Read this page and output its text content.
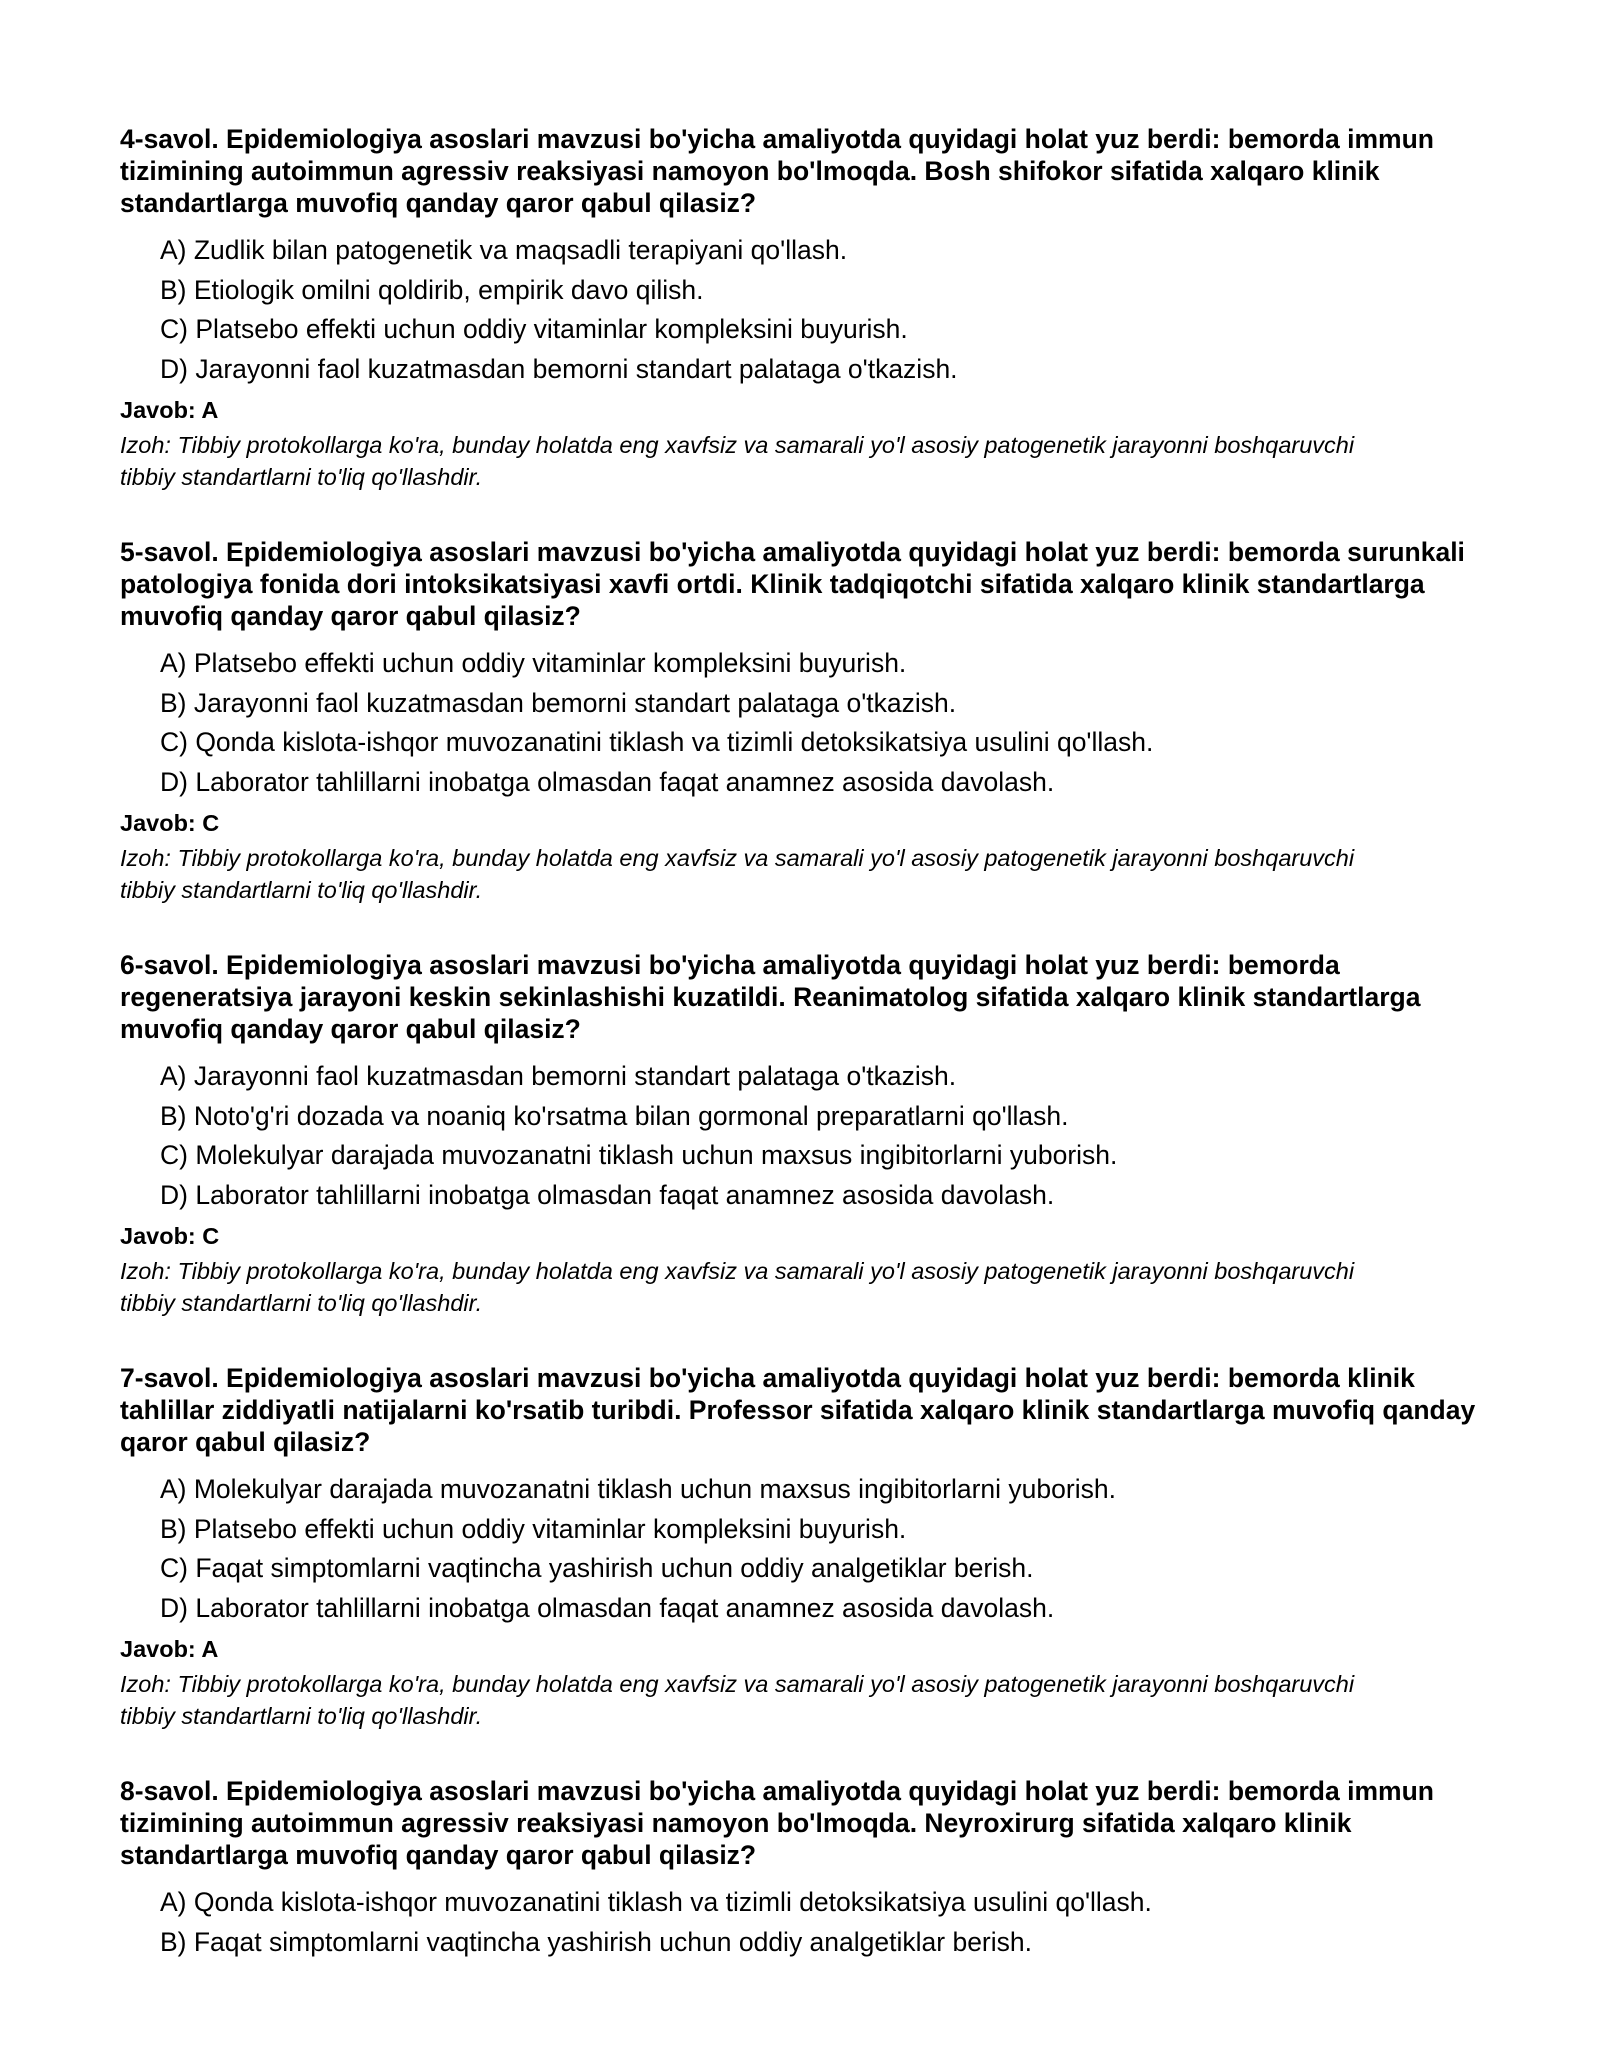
4-savol. Epidemiologiya asoslari mavzusi bo'yicha amaliyotda quyidagi holat yuz berdi: bemorda immun tizimining autoimmun agressiv reaksiyasi namoyon bo'lmoqda. Bosh shifokor sifatida xalqaro klinik standartlarga muvofiq qanday qaror qabul qilasiz?

A) Zudlik bilan patogenetik va maqsadli terapiyani qo'llash.
B) Etiologik omilni qoldirib, empirik davo qilish.
C) Platsebo effekti uchun oddiy vitaminlar kompleksini buyurish.
D) Jarayonni faol kuzatmasdan bemorni standart palataga o'tkazish.

Javob: A

Izoh: Tibbiy protokollarga ko'ra, bunday holatda eng xavfsiz va samarali yo'l asosiy patogenetik jarayonni boshqaruvchi tibbiy standartlarni to'liq qo'llashdir.

5-savol. Epidemiologiya asoslari mavzusi bo'yicha amaliyotda quyidagi holat yuz berdi: bemorda surunkali patologiya fonida dori intoksikatsiyasi xavfi ortdi. Klinik tadqiqotchi sifatida xalqaro klinik standartlarga muvofiq qanday qaror qabul qilasiz?

A) Platsebo effekti uchun oddiy vitaminlar kompleksini buyurish.
B) Jarayonni faol kuzatmasdan bemorni standart palataga o'tkazish.
C) Qonda kislota-ishqor muvozanatini tiklash va tizimli detoksikatsiya usulini qo'llash.
D) Laborator tahlillarni inobatga olmasdan faqat anamnez asosida davolash.

Javob: C

Izoh: Tibbiy protokollarga ko'ra, bunday holatda eng xavfsiz va samarali yo'l asosiy patogenetik jarayonni boshqaruvchi tibbiy standartlarni to'liq qo'llashdir.

6-savol. Epidemiologiya asoslari mavzusi bo'yicha amaliyotda quyidagi holat yuz berdi: bemorda regeneratsiya jarayoni keskin sekinlashishi kuzatildi. Reanimatolog sifatida xalqaro klinik standartlarga muvofiq qanday qaror qabul qilasiz?

A) Jarayonni faol kuzatmasdan bemorni standart palataga o'tkazish.
B) Noto'g'ri dozada va noaniq ko'rsatma bilan gormonal preparatlarni qo'llash.
C) Molekulyar darajada muvozanatni tiklash uchun maxsus ingibitorlarni yuborish.
D) Laborator tahlillarni inobatga olmasdan faqat anamnez asosida davolash.

Javob: C

Izoh: Tibbiy protokollarga ko'ra, bunday holatda eng xavfsiz va samarali yo'l asosiy patogenetik jarayonni boshqaruvchi tibbiy standartlarni to'liq qo'llashdir.

7-savol. Epidemiologiya asoslari mavzusi bo'yicha amaliyotda quyidagi holat yuz berdi: bemorda klinik tahlillar ziddiyatli natijalarni ko'rsatib turibdi. Professor sifatida xalqaro klinik standartlarga muvofiq qanday qaror qabul qilasiz?

A) Molekulyar darajada muvozanatni tiklash uchun maxsus ingibitorlarni yuborish.
B) Platsebo effekti uchun oddiy vitaminlar kompleksini buyurish.
C) Faqat simptomlarni vaqtincha yashirish uchun oddiy analgetiklar berish.
D) Laborator tahlillarni inobatga olmasdan faqat anamnez asosida davolash.

Javob: A

Izoh: Tibbiy protokollarga ko'ra, bunday holatda eng xavfsiz va samarali yo'l asosiy patogenetik jarayonni boshqaruvchi tibbiy standartlarni to'liq qo'llashdir.

8-savol. Epidemiologiya asoslari mavzusi bo'yicha amaliyotda quyidagi holat yuz berdi: bemorda immun tizimining autoimmun agressiv reaksiyasi namoyon bo'lmoqda. Neyroxirurg sifatida xalqaro klinik standartlarga muvofiq qanday qaror qabul qilasiz?

A) Qonda kislota-ishqor muvozanatini tiklash va tizimli detoksikatsiya usulini qo'llash.
B) Faqat simptomlarni vaqtincha yashirish uchun oddiy analgetiklar berish.
